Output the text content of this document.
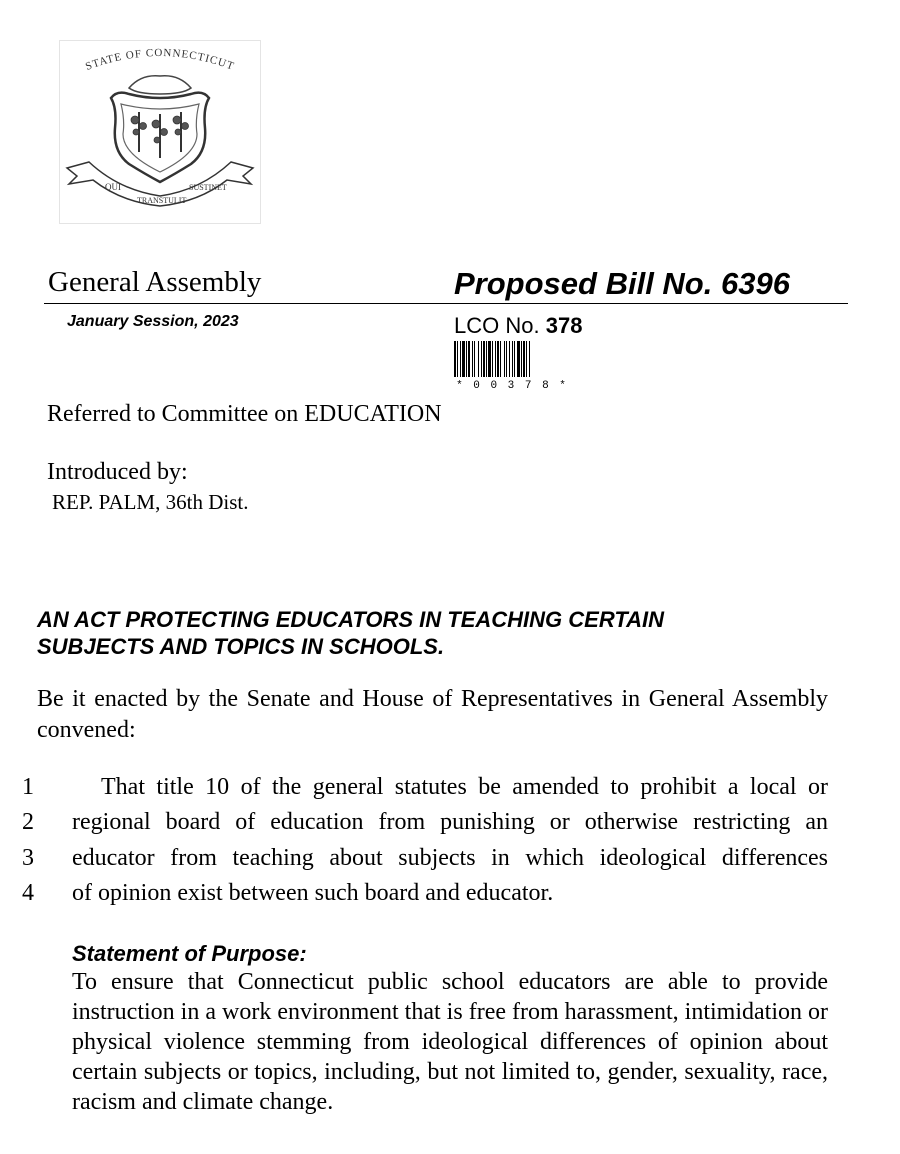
STATE OF CONNECTICUT
QUI
TRANSTULIT
SUSTINET
General Assembly	Proposed Bill No. 6396
January Session, 2023	LCO No. 378
* 0 0 3 7 8 *
Referred to Committee on EDUCATION
Introduced by:
REP. PALM, 36th Dist.
AN ACT PROTECTING EDUCATORS IN TEACHING CERTAIN
SUBJECTS AND TOPICS IN SCHOOLS.
Be it enacted by the Senate and House of Representatives in General Assembly convened:
1	That title 10 of the general statutes be amended to prohibit a local or
2	regional board of education from punishing or otherwise restricting an
3	educator from teaching about subjects in which ideological differences
4	of opinion exist between such board and educator.
Statement of Purpose:
To ensure that Connecticut public school educators are able to provide instruction in a work environment that is free from harassment, intimidation or physical violence stemming from ideological differences of opinion about certain subjects or topics, including, but not limited to, gender, sexuality, race, racism and climate change.
